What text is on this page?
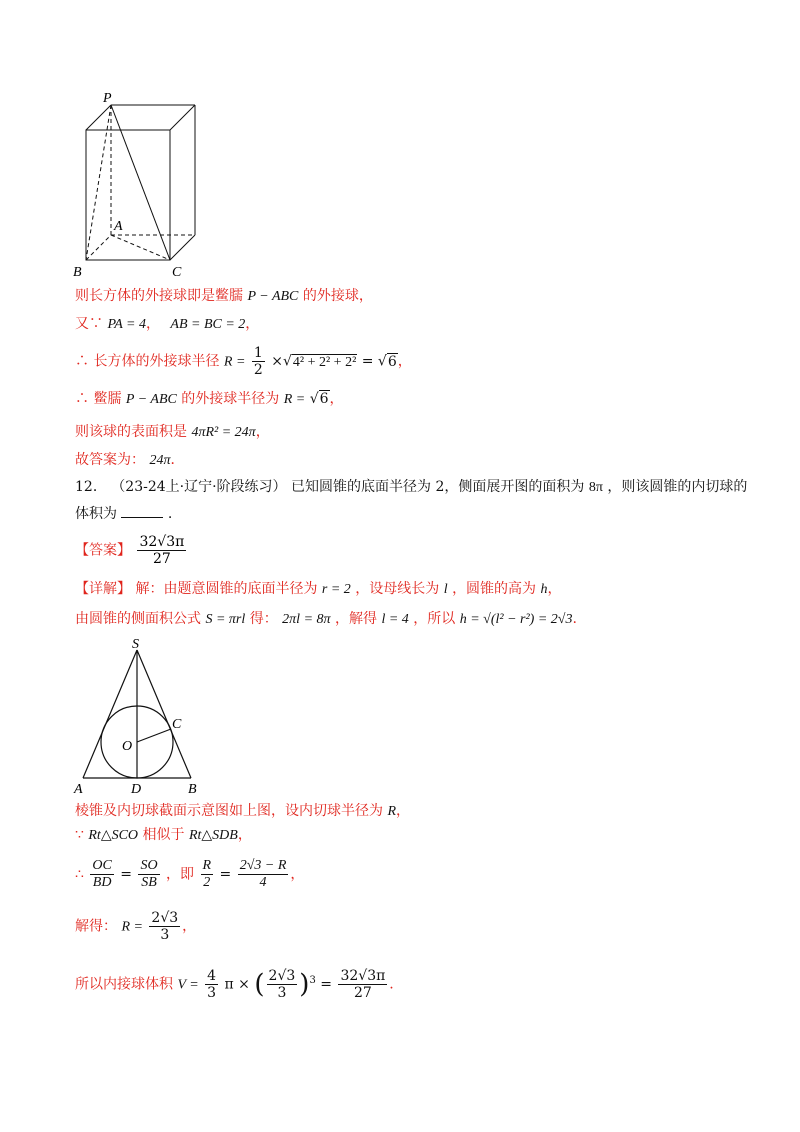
P
A
B	C
则长方体的外接球即是鳖臑 P − ABC 的外接球，
又∵ PA = 4， AB = BC = 2，
∴ 长方体的外接球半径 $R = \frac{1}{2} \times√4^2 + 2^2 + 2^2 = √6$，
∴ 鳖臑 P − ABC 的外接球半径为 R = √6，
则该球的表面积是 4πR² = 24π，
故答案为： 24π．
12． （23-24上·辽宁·阶段练习） 已知圆锥的底面半径为 2，侧面展开图的面积为 8π ，则该圆锥的内切球的
体积为	.
【答案】 $\frac{32√3\pi}{27}$
【详解】 解：由题意圆锥的底面半径为 r = 2 ，设母线长为 l ，圆锥的高为 h，
由圆锥的侧面积公式 S = πrl 得： 2πl = 8π ，解得 l = 4 ，所以 h = √(l² − r²) = 2√3.
S
C
O
A	D	B
棱锥及内切球截面示意图如上图，设内切球半径为 R，
∵ Rt△SCO 相似于 Rt△SDB，
∴ $\frac{OC}{BD} = \frac{SO}{SB}$ ，即 $\frac{R}{2} = \frac{2√3 - R}{4}$ ，
解得： $R = \frac{2√3}{3}$ ，
所以内接球体积 $V = \frac{4}{3}$ π × ( $\frac{2√3}{3} )^3 = \frac{32√3\pi}{27}$ .
